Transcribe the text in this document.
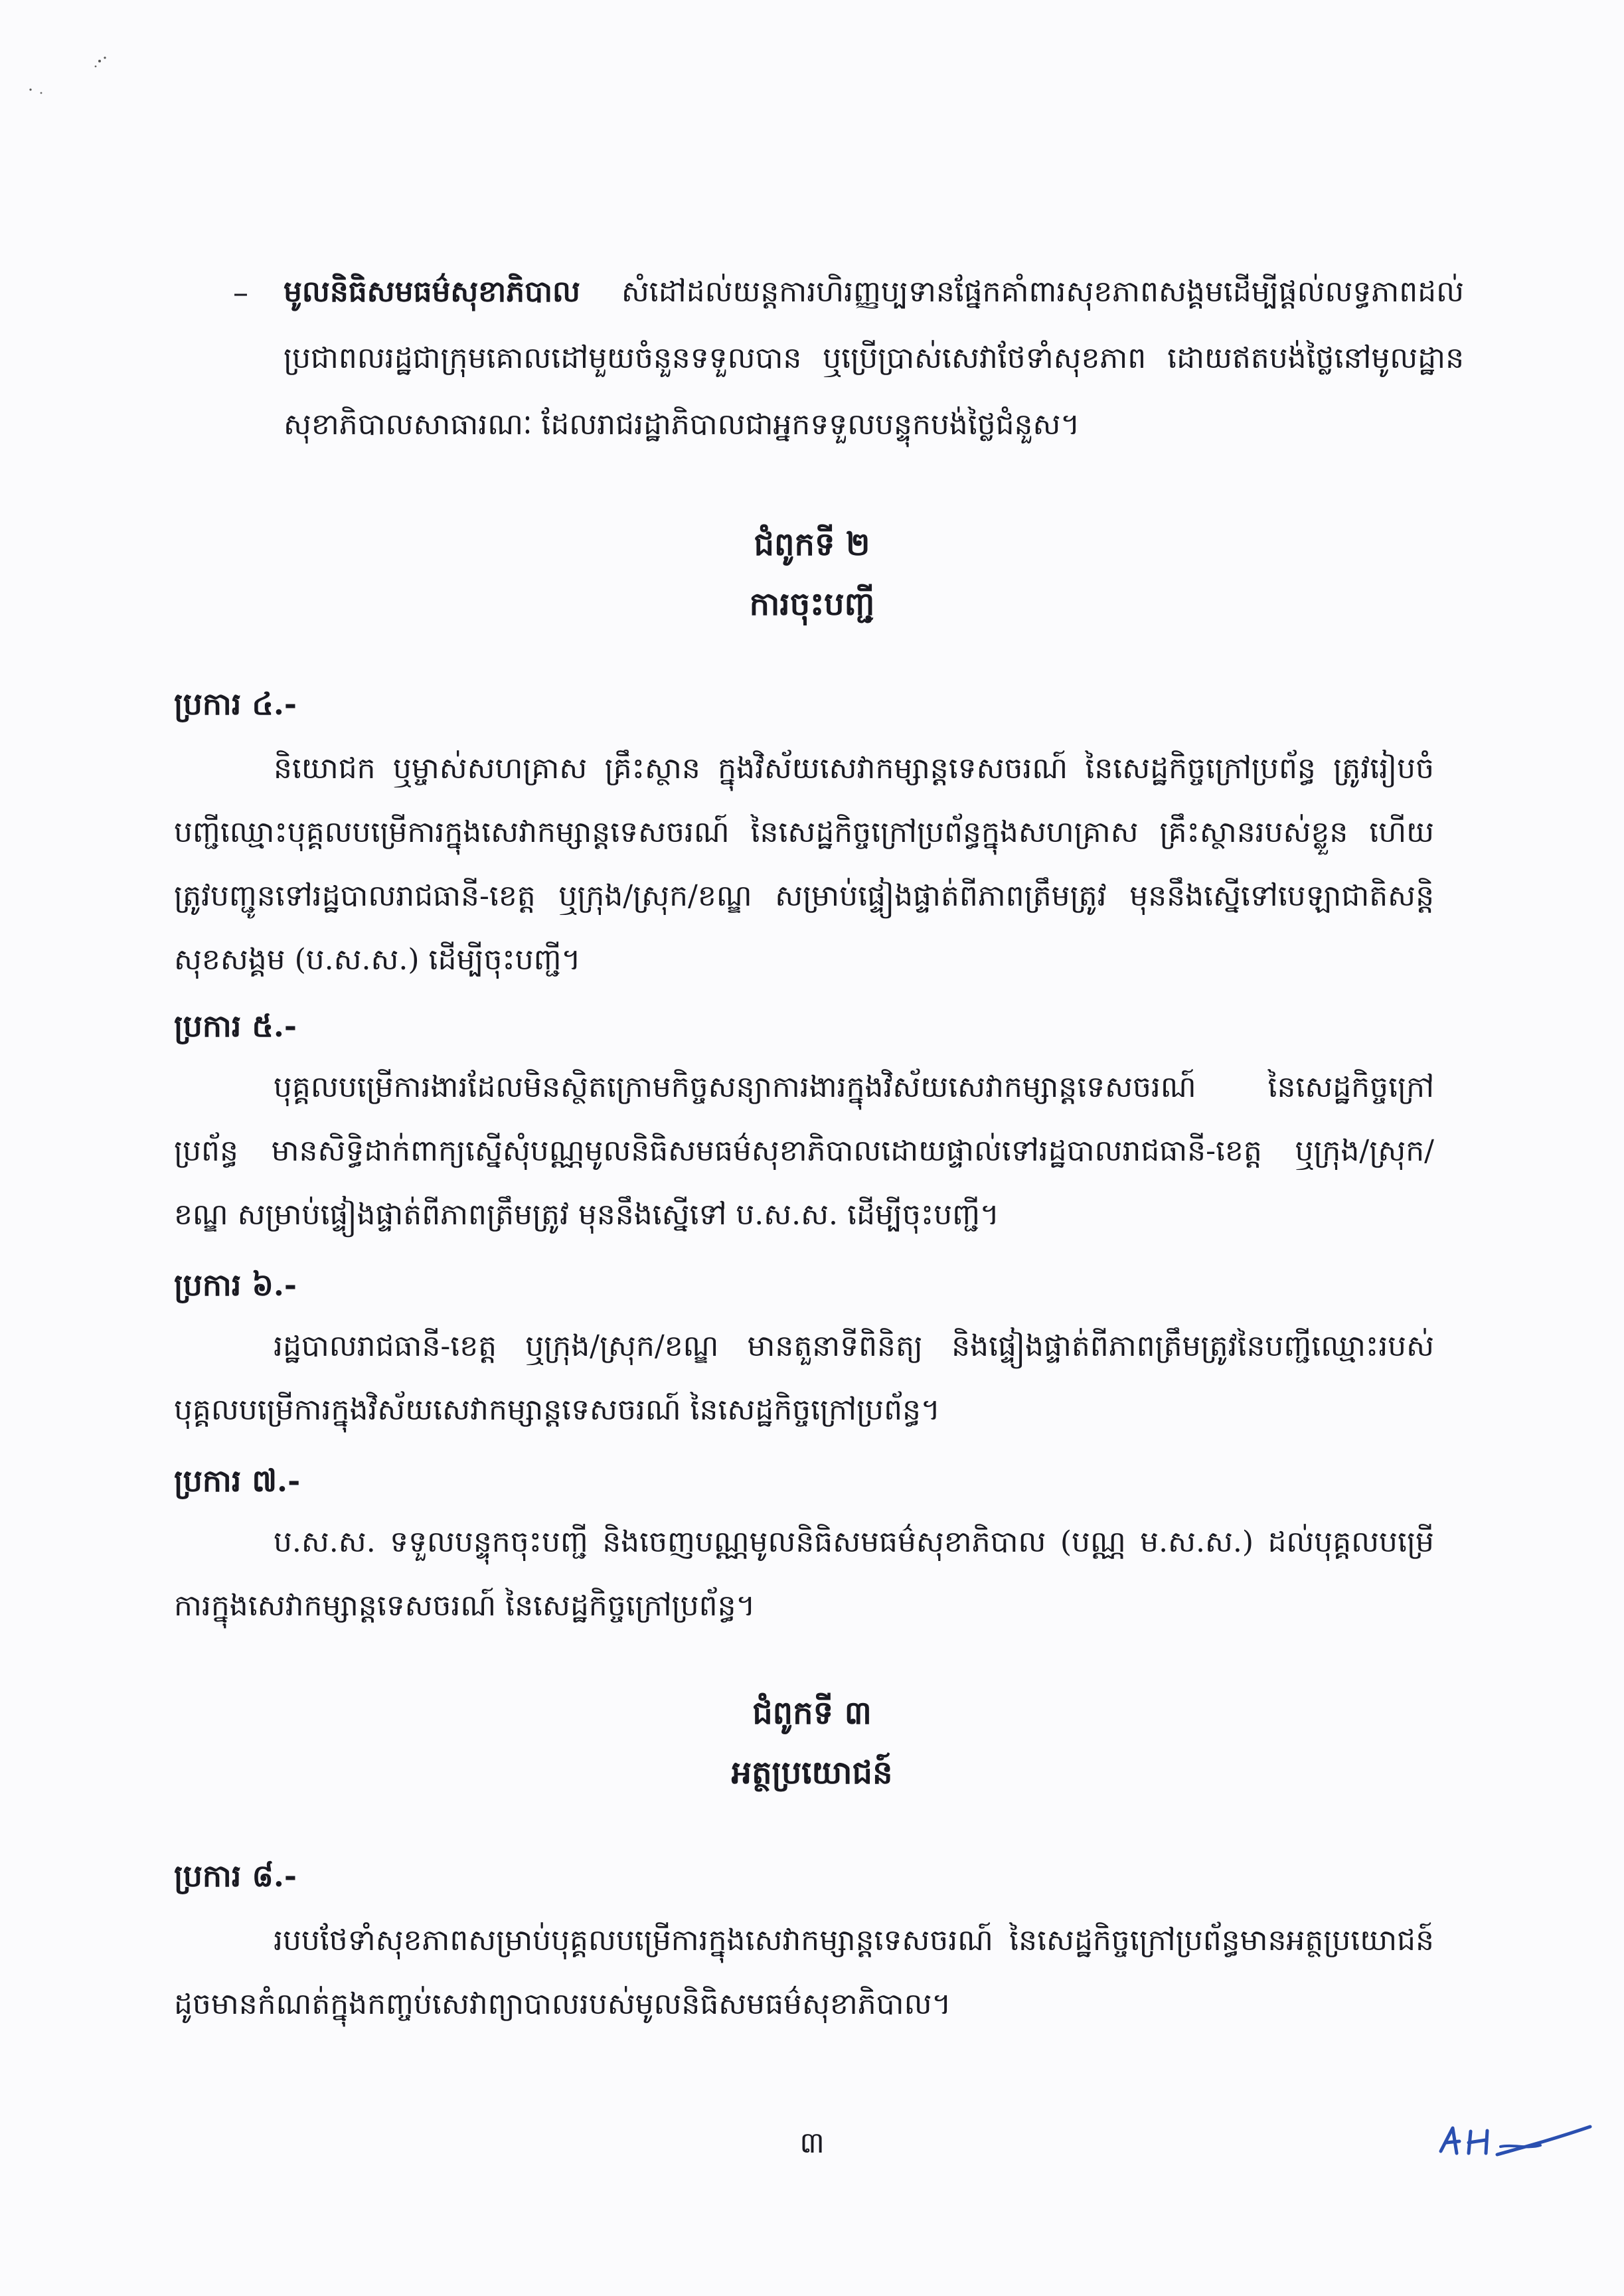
– មូលនិធិសមធម៌សុខាភិបាល សំដៅដល់យន្តការហិរញ្ញប្បទានផ្នែកគាំពារសុខភាពសង្គមដើម្បីផ្តល់លទ្ធភាពដល់ប្រជាពលរដ្ឋជាក្រុមគោលដៅមួយចំនួនទទួលបាន ឬប្រើប្រាស់សេវាថែទាំសុខភាព ដោយឥតបង់ថ្លៃនៅមូលដ្ឋានសុខាភិបាលសាធារណៈ ដែលរាជរដ្ឋាភិបាលជាអ្នកទទួលបន្ទុកបង់ថ្លៃជំនួស។
ជំពូកទី ២
ការចុះបញ្ជី
ប្រការ ៤.-
និយោជក ឬម្ចាស់សហគ្រាស គ្រឹះស្ថាន ក្នុងវិស័យសេវាកម្សាន្តទេសចរណ៍ នៃសេដ្ឋកិច្ចក្រៅប្រព័ន្ធ ត្រូវរៀបចំបញ្ជីឈ្មោះបុគ្គលបម្រើការក្នុងសេវាកម្សាន្តទេសចរណ៍ នៃសេដ្ឋកិច្ចក្រៅប្រព័ន្ធក្នុងសហគ្រាស គ្រឹះស្ថានរបស់ខ្លួន ហើយត្រូវបញ្ជូនទៅរដ្ឋបាលរាជធានី-ខេត្ត ឬក្រុង/ស្រុក/ខណ្ឌ សម្រាប់ផ្ទៀងផ្ទាត់ពីភាពត្រឹមត្រូវ មុននឹងស្នើទៅបេឡាជាតិសន្តិសុខសង្គម (ប.ស.ស.) ដើម្បីចុះបញ្ជី។
ប្រការ ៥.-
បុគ្គលបម្រើការងារដែលមិនស្ថិតក្រោមកិច្ចសន្យាការងារក្នុងវិស័យសេវាកម្សាន្តទេសចរណ៍ នៃសេដ្ឋកិច្ចក្រៅប្រព័ន្ធ មានសិទ្ធិដាក់ពាក្យស្នើសុំបណ្ណមូលនិធិសមធម៌សុខាភិបាលដោយផ្ទាល់ទៅរដ្ឋបាលរាជធានី-ខេត្ត ឬក្រុង/ស្រុក/ខណ្ឌ សម្រាប់ផ្ទៀងផ្ទាត់ពីភាពត្រឹមត្រូវ មុននឹងស្នើទៅ ប.ស.ស. ដើម្បីចុះបញ្ជី។
ប្រការ ៦.-
រដ្ឋបាលរាជធានី-ខេត្ត ឬក្រុង/ស្រុក/ខណ្ឌ មានតួនាទីពិនិត្យ និងផ្ទៀងផ្ទាត់ពីភាពត្រឹមត្រូវនៃបញ្ជីឈ្មោះរបស់បុគ្គលបម្រើការក្នុងវិស័យសេវាកម្សាន្តទេសចរណ៍ នៃសេដ្ឋកិច្ចក្រៅប្រព័ន្ធ។
ប្រការ ៧.-
ប.ស.ស. ទទួលបន្ទុកចុះបញ្ជី និងចេញបណ្ណមូលនិធិសមធម៌សុខាភិបាល (បណ្ណ ម.ស.ស.) ដល់បុគ្គលបម្រើការក្នុងសេវាកម្សាន្តទេសចរណ៍ នៃសេដ្ឋកិច្ចក្រៅប្រព័ន្ធ។
ជំពូកទី ៣
អត្ថប្រយោជន៍
ប្រការ ៨.-
របបថែទាំសុខភាពសម្រាប់បុគ្គលបម្រើការក្នុងសេវាកម្សាន្តទេសចរណ៍ នៃសេដ្ឋកិច្ចក្រៅប្រព័ន្ធមានអត្ថប្រយោជន៍ដូចមានកំណត់ក្នុងកញ្ចប់សេវាព្យាបាលរបស់មូលនិធិសមធម៌សុខាភិបាល។
៣
